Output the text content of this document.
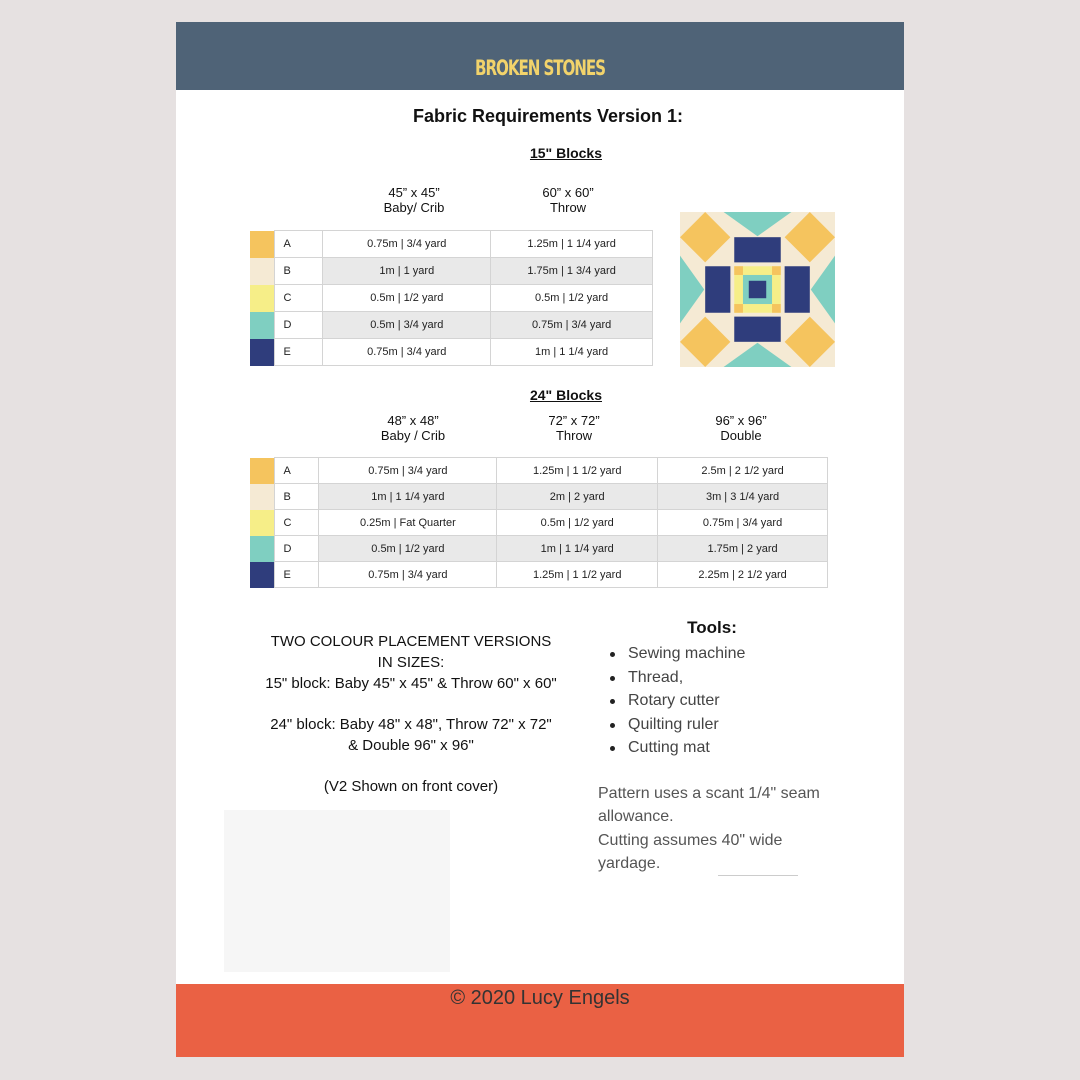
BROKEN STONES
Fabric Requirements Version 1:
15" Blocks
45” x 45”
Baby/ Crib
60” x 60”
Throw
	A	0.75m | 3/4 yard	1.25m | 1 1/4 yard
	B	1m | 1 yard	1.75m | 1 3/4 yard
	C	0.5m | 1/2 yard	0.5m | 1/2 yard
	D	0.5m | 3/4 yard	0.75m | 3/4 yard
	E	0.75m | 3/4 yard	1m | 1 1/4 yard
24" Blocks
48” x 48”
Baby / Crib
72” x 72”
Throw
96” x 96”
Double
	A	0.75m | 3/4 yard	1.25m | 1 1/2 yard	2.5m | 2 1/2 yard
	B	1m | 1 1/4 yard	2m | 2 yard	3m | 3 1/4 yard
	C	0.25m | Fat Quarter	0.5m | 1/2 yard	0.75m | 3/4 yard
	D	0.5m | 1/2 yard	1m | 1 1/4 yard	1.75m | 2 yard
	E	0.75m | 3/4 yard	1.25m | 1 1/2 yard	2.25m | 2 1/2 yard
TWO COLOUR PLACEMENT VERSIONS
IN SIZES:
15" block: Baby 45" x 45" & Throw 60" x 60"
24" block: Baby 48" x 48", Throw 72" x 72"
& Double 96" x 96"
(V2 Shown on front cover)
Tools:
Sewing machine
Thread,
Rotary cutter
Quilting ruler
Cutting mat
Pattern uses a scant 1/4" seam
allowance.
Cutting assumes 40" wide
yardage.
© 2020 Lucy Engels
